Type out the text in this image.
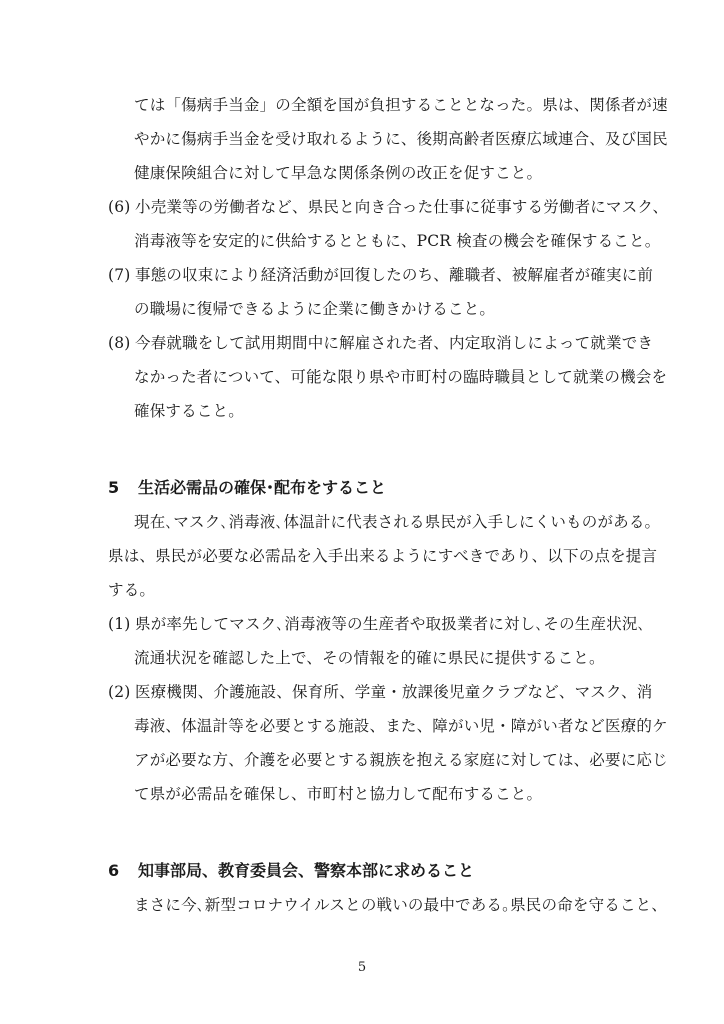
ては「傷病手当金」の全額を国が負担することとなった。県は、関係者が速
やかに傷病手当金を受け取れるように、後期高齢者医療広域連合、及び国民
健康保険組合に対して早急な関係条例の改正を促すこと。
(6) 小売業等の労働者など、県民と向き合った仕事に従事する労働者にマスク、
消毒液等を安定的に供給するとともに、PCR 検査の機会を確保すること。
(7) 事態の収束により経済活動が回復したのち、離職者、被解雇者が確実に前
の職場に復帰できるように企業に働きかけること。
(8) 今春就職をして試用期間中に解雇された者、内定取消しによって就業でき
なかった者について、可能な限り県や市町村の臨時職員として就業の機会を
確保すること。
5 生活必需品の確保･配布をすること
現在､マスク､消毒液､体温計に代表される県民が入手しにくいものがある。
県は、県民が必要な必需品を入手出来るようにすべきであり、以下の点を提言
する。
(1) 県が率先してマスク､消毒液等の生産者や取扱業者に対し､その生産状況､
流通状況を確認した上で、その情報を的確に県民に提供すること。
(2) 医療機関、介護施設、保育所、学童・放課後児童クラブなど、マスク、消
毒液、体温計等を必要とする施設、また、障がい児・障がい者など医療的ケ
アが必要な方、介護を必要とする親族を抱える家庭に対しては、必要に応じ
て県が必需品を確保し、市町村と協力して配布すること。
6 知事部局、教育委員会、警察本部に求めること
まさに今､新型コロナウイルスとの戦いの最中である｡県民の命を守ること、
5
